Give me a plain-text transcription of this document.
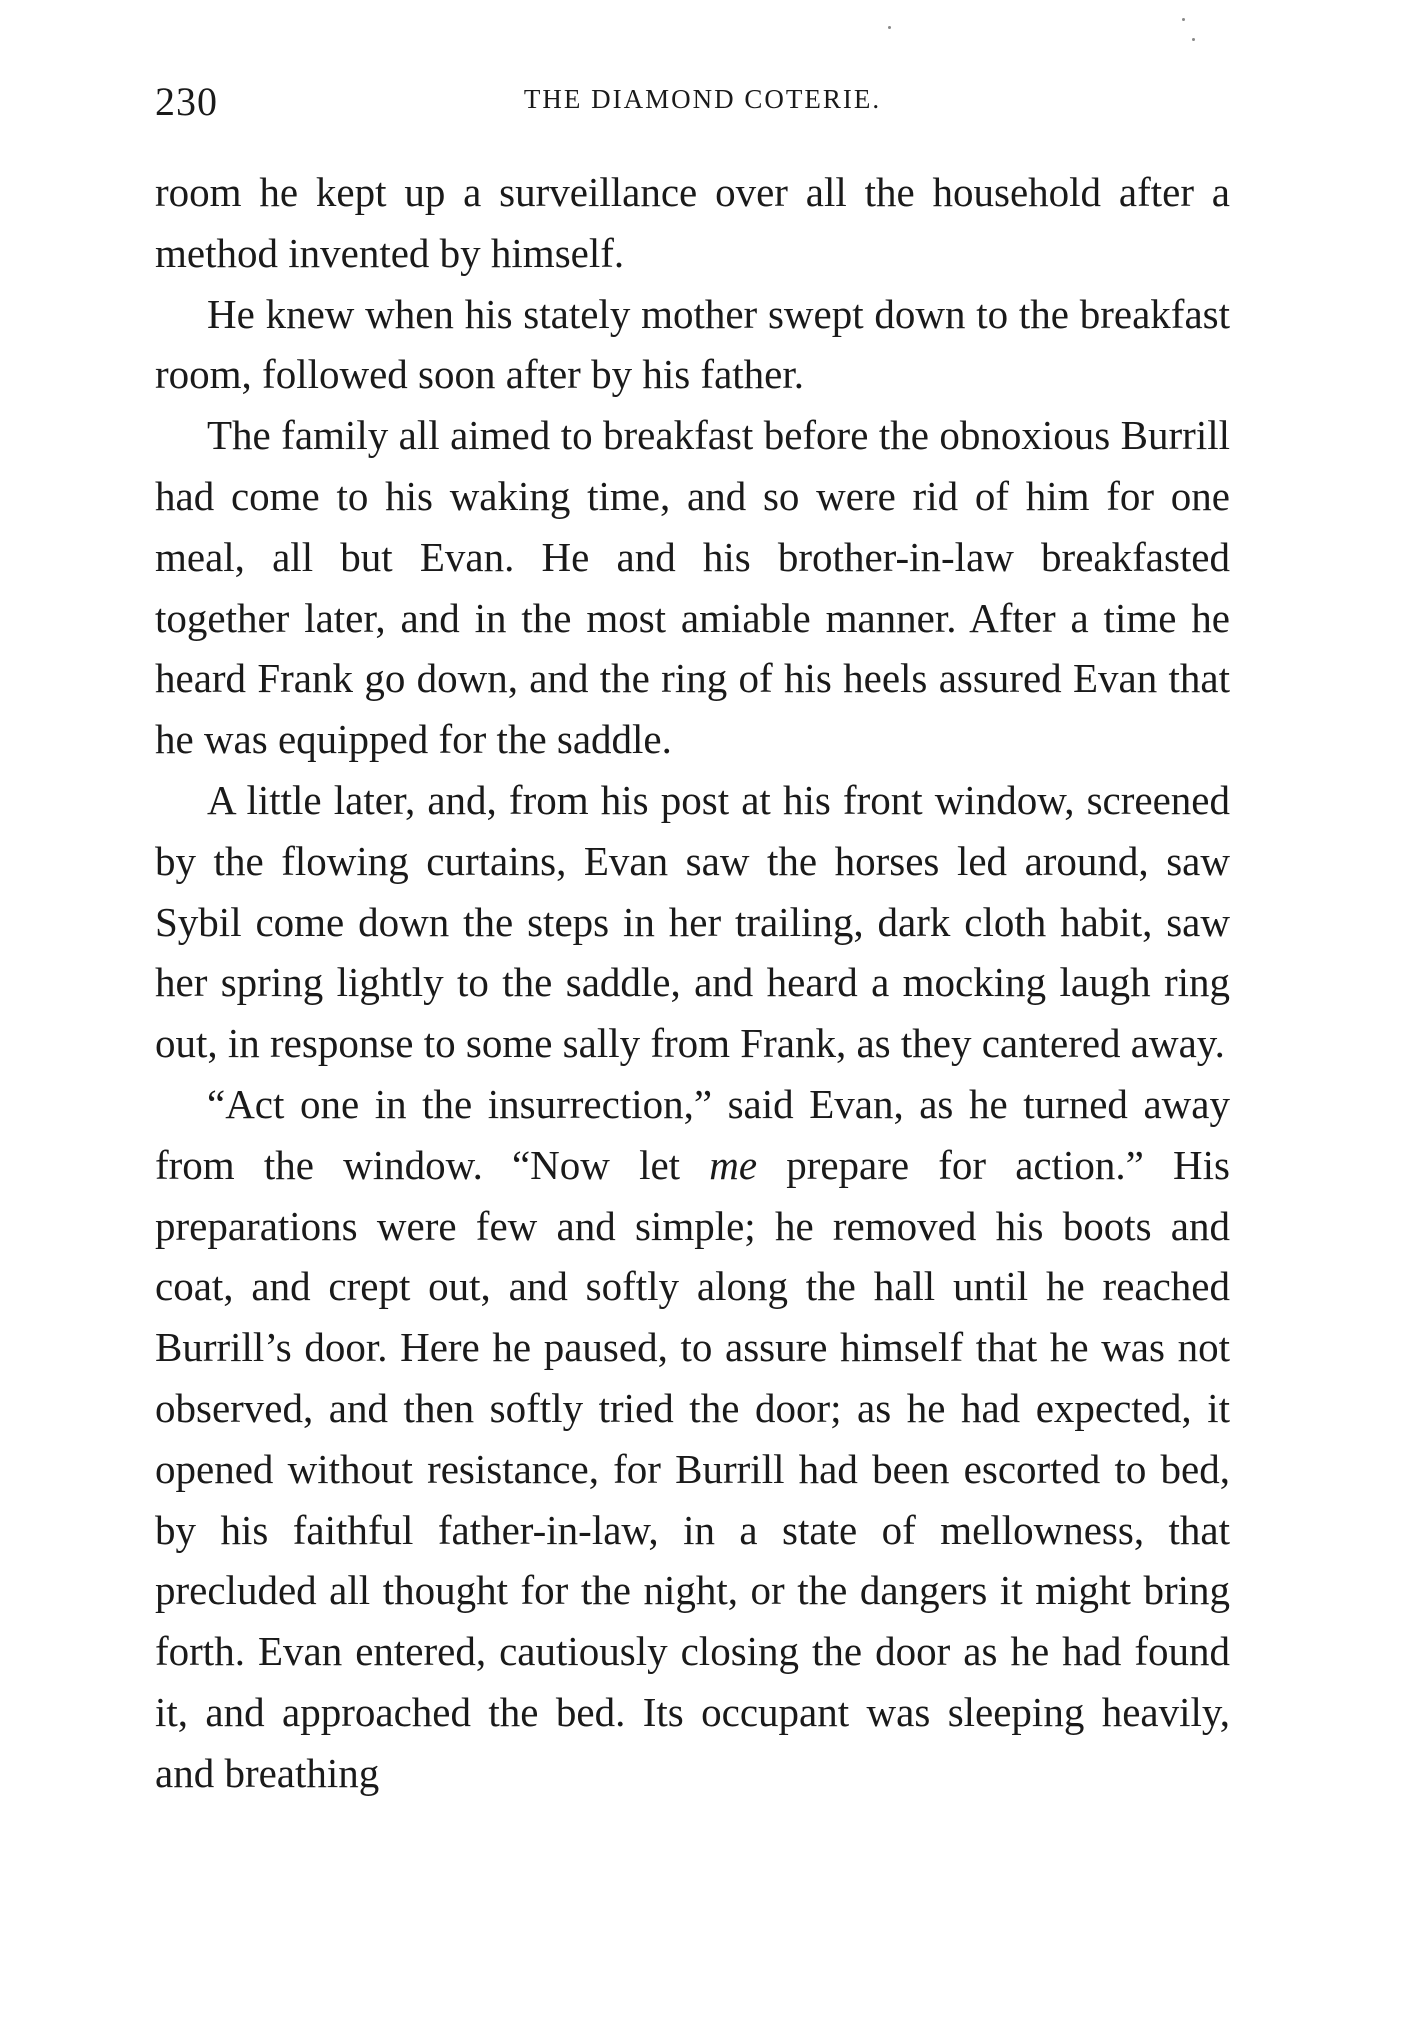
230	THE DIAMOND COTERIE.

room he kept up a surveillance over all the household after a method invented by himself.

He knew when his stately mother swept down to the breakfast room, followed soon after by his father.

The family all aimed to breakfast before the obnoxious Burrill had come to his waking time, and so were rid of him for one meal, all but Evan. He and his brother-in-law breakfasted together later, and in the most amiable manner. After a time he heard Frank go down, and the ring of his heels assured Evan that he was equipped for the saddle.

A little later, and, from his post at his front window, screened by the flowing curtains, Evan saw the horses led around, saw Sybil come down the steps in her trailing, dark cloth habit, saw her spring lightly to the saddle, and heard a mocking laugh ring out, in response to some sally from Frank, as they cantered away.

“Act one in the insurrection,” said Evan, as he turned away from the window. “Now let me prepare for action.” His preparations were few and simple; he removed his boots and coat, and crept out, and softly along the hall until he reached Burrill’s door. Here he paused, to assure himself that he was not observed, and then softly tried the door; as he had expected, it opened without resistance, for Burrill had been escorted to bed, by his faithful father-in-law, in a state of mellowness, that precluded all thought for the night, or the dangers it might bring forth. Evan entered, cautiously closing the door as he had found it, and approached the bed. Its occupant was sleeping heavily, and breathing
